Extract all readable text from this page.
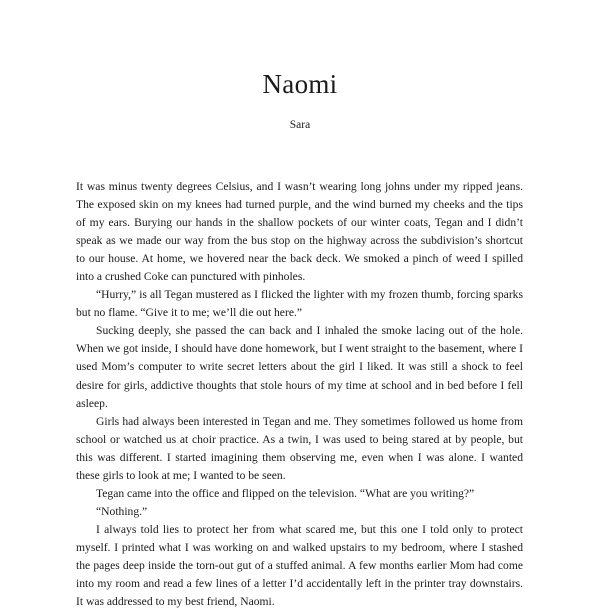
Naomi
Sara

It was minus twenty degrees Celsius, and I wasn’t wearing long johns under my ripped jeans. The exposed skin on my knees had turned purple, and the wind burned my cheeks and the tips of my ears. Burying our hands in the shallow pockets of our winter coats, Tegan and I didn’t speak as we made our way from the bus stop on the highway across the subdivision’s shortcut to our house. At home, we hovered near the back deck. We smoked a pinch of weed I spilled into a crushed Coke can punctured with pinholes.

“Hurry,” is all Tegan mustered as I flicked the lighter with my frozen thumb, forcing sparks but no flame. “Give it to me; we’ll die out here.”

Sucking deeply, she passed the can back and I inhaled the smoke lacing out of the hole. When we got inside, I should have done homework, but I went straight to the basement, where I used Mom’s computer to write secret letters about the girl I liked. It was still a shock to feel desire for girls, addictive thoughts that stole hours of my time at school and in bed before I fell asleep.

Girls had always been interested in Tegan and me. They sometimes followed us home from school or watched us at choir practice. As a twin, I was used to being stared at by people, but this was different. I started imagining them observing me, even when I was alone. I wanted these girls to look at me; I wanted to be seen.

Tegan came into the office and flipped on the television. “What are you writing?”

“Nothing.”

I always told lies to protect her from what scared me, but this one I told only to protect myself. I printed what I was working on and walked upstairs to my bedroom, where I stashed the pages deep inside the torn-out gut of a stuffed animal. A few months earlier Mom had come into my room and read a few lines of a letter I’d accidentally left in the printer tray downstairs. It was addressed to my best friend, Naomi.
